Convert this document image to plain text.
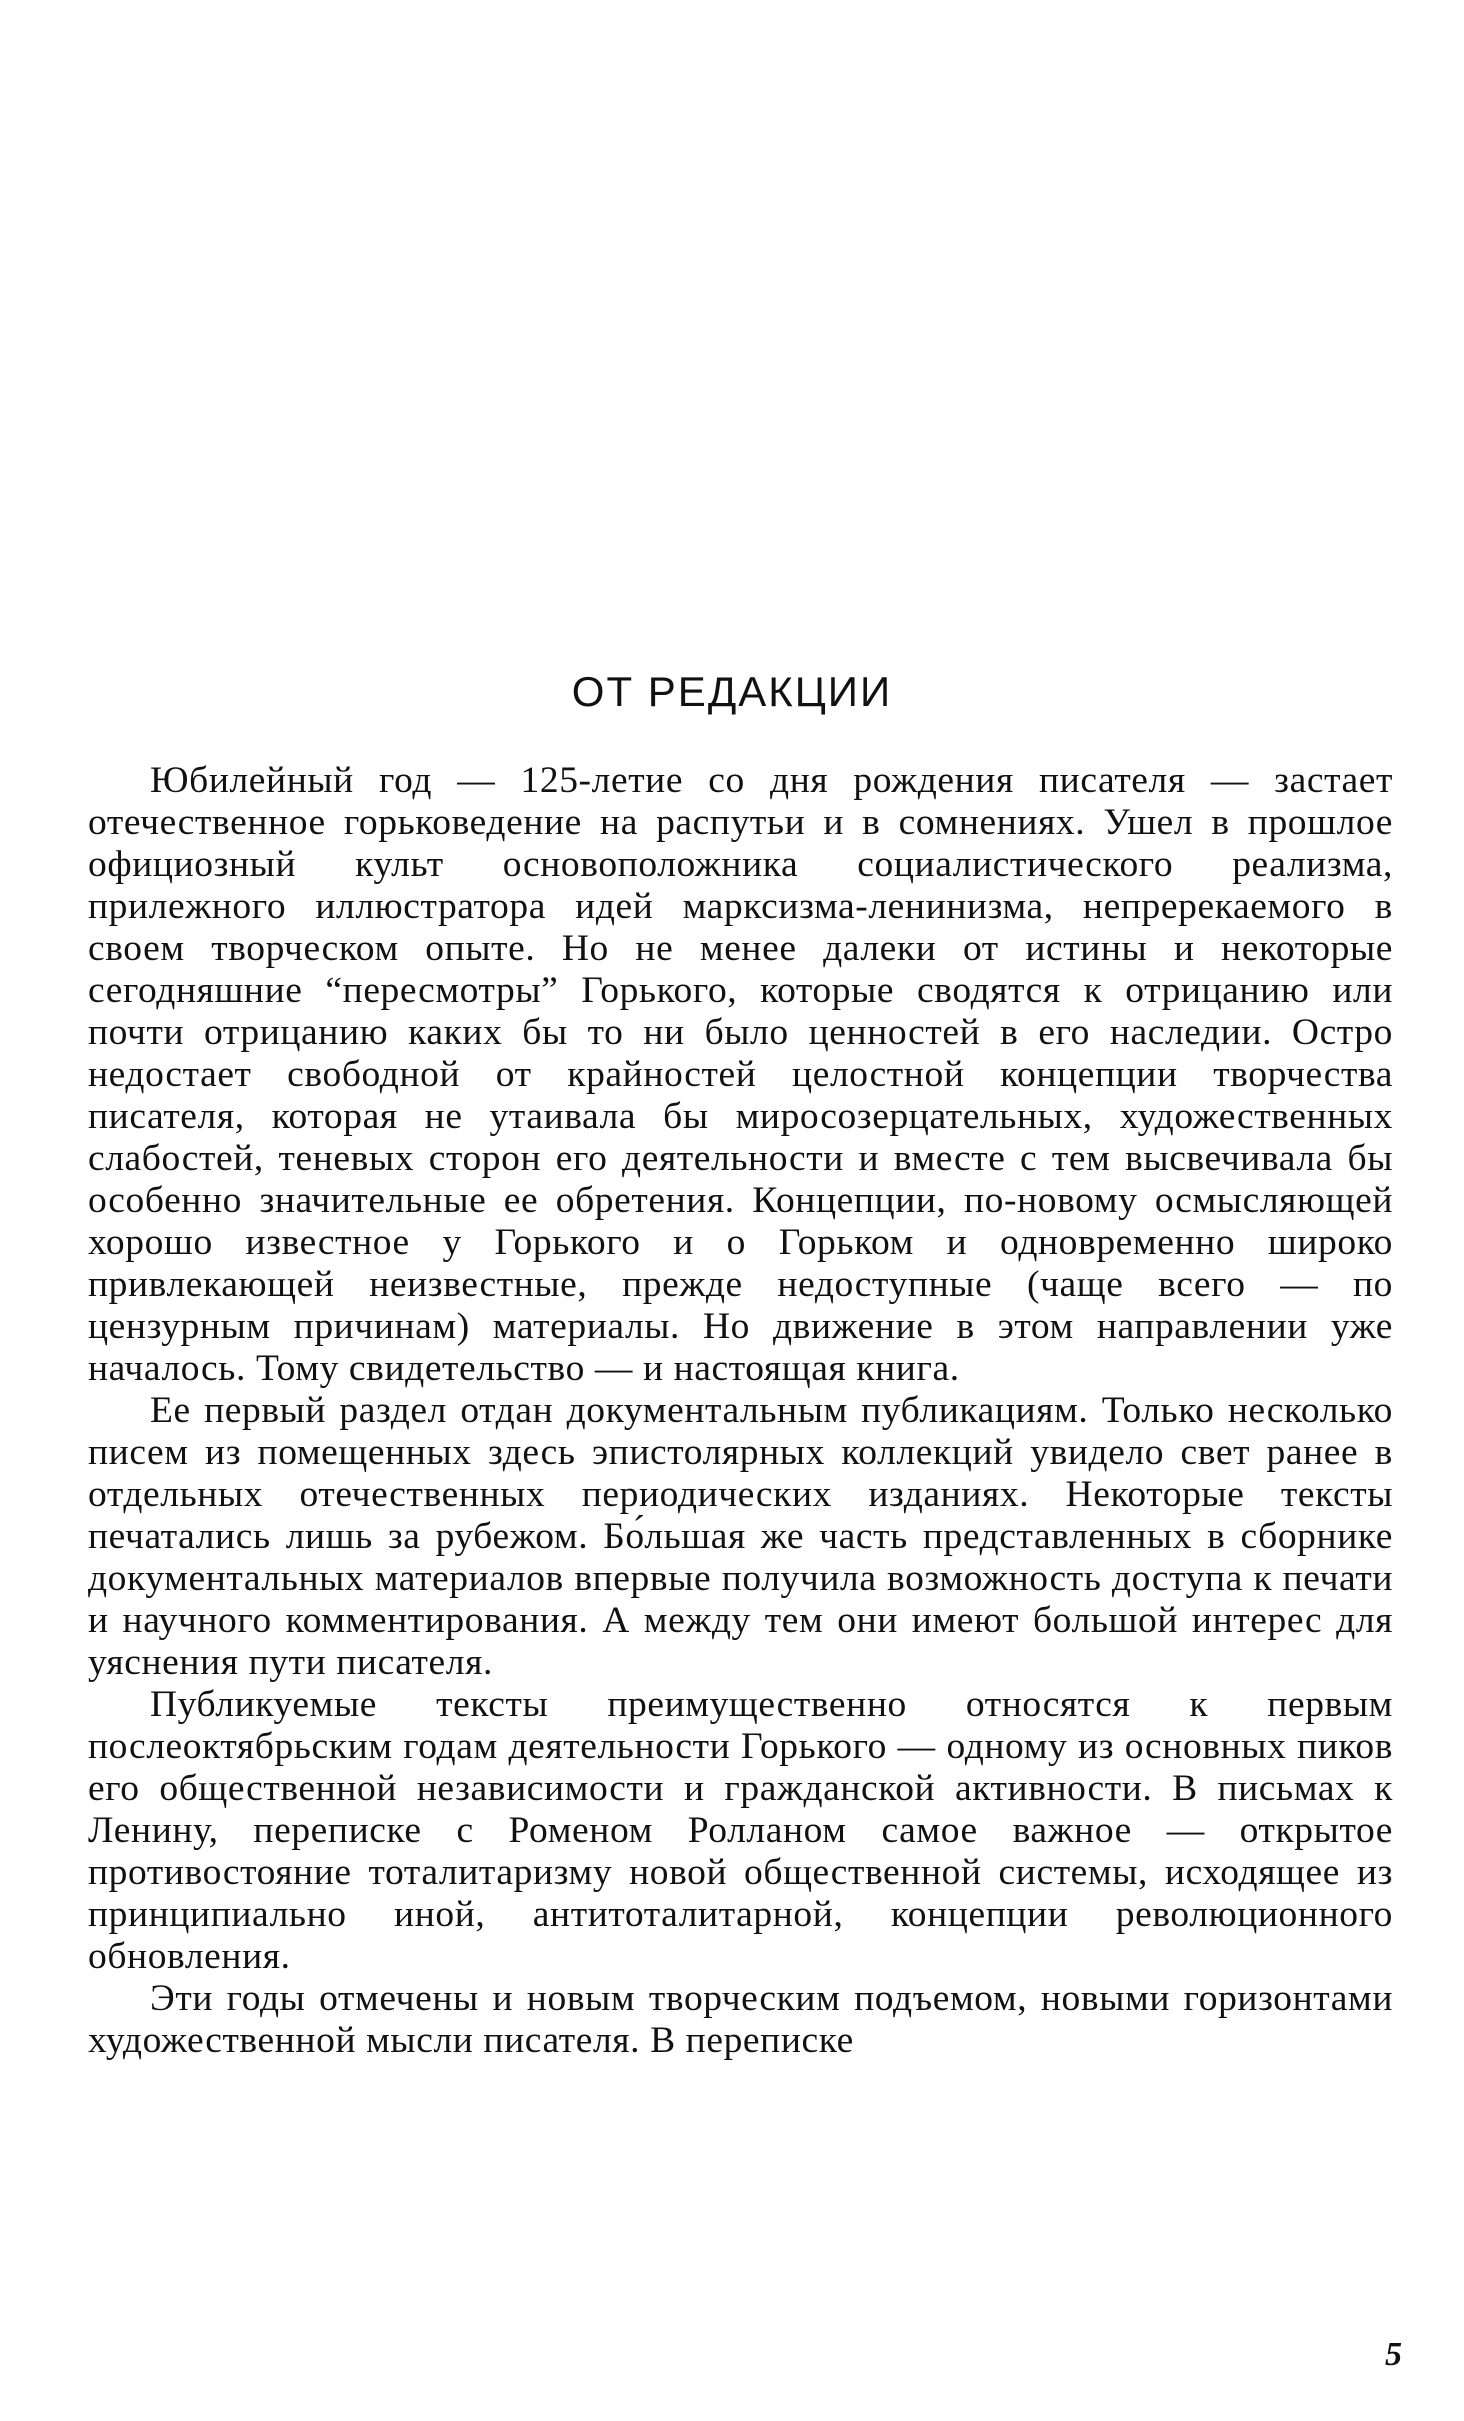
ОТ РЕДАКЦИИ

Юбилейный год — 125-летие со дня рождения писателя — застает отечественное горьковедение на распутьи и в сомнениях. Ушел в прошлое официозный культ основоположника социалистического реализма, прилежного иллюстратора идей марксизма-ленинизма, непререкаемого в своем творческом опыте. Но не менее далеки от истины и некоторые сегодняшние “пересмотры” Горького, которые сводятся к отрицанию или почти отрицанию каких бы то ни было ценностей в его наследии. Остро недостает свободной от крайностей целостной концепции творчества писателя, которая не утаивала бы миросозерцательных, художественных слабостей, теневых сторон его деятельности и вместе с тем высвечивала бы особенно значительные ее обретения. Концепции, по-новому осмысляющей хорошо известное у Горького и о Горьком и одновременно широко привлекающей неизвестные, прежде недоступные (чаще всего — по цензурным причинам) материалы. Но движение в этом направлении уже началось. Тому свидетельство — и настоящая книга.

Ее первый раздел отдан документальным публикациям. Только несколько писем из помещенных здесь эпистолярных коллекций увидело свет ранее в отдельных отечественных периодических изданиях. Некоторые тексты печатались лишь за рубежом. Бо́льшая же часть представленных в сборнике документальных материалов впервые получила возможность доступа к печати и научного комментирования. А между тем они имеют большой интерес для уяснения пути писателя.

Публикуемые тексты преимущественно относятся к первым послеоктябрьским годам деятельности Горького — одному из основных пиков его общественной независимости и гражданской активности. В письмах к Ленину, переписке с Роменом Ролланом самое важное — открытое противостояние тоталитаризму новой общественной системы, исходящее из принципиально иной, антитоталитарной, концепции революционного обновления.

Эти годы отмечены и новым творческим подъемом, новыми горизонтами художественной мысли писателя. В переписке

5
